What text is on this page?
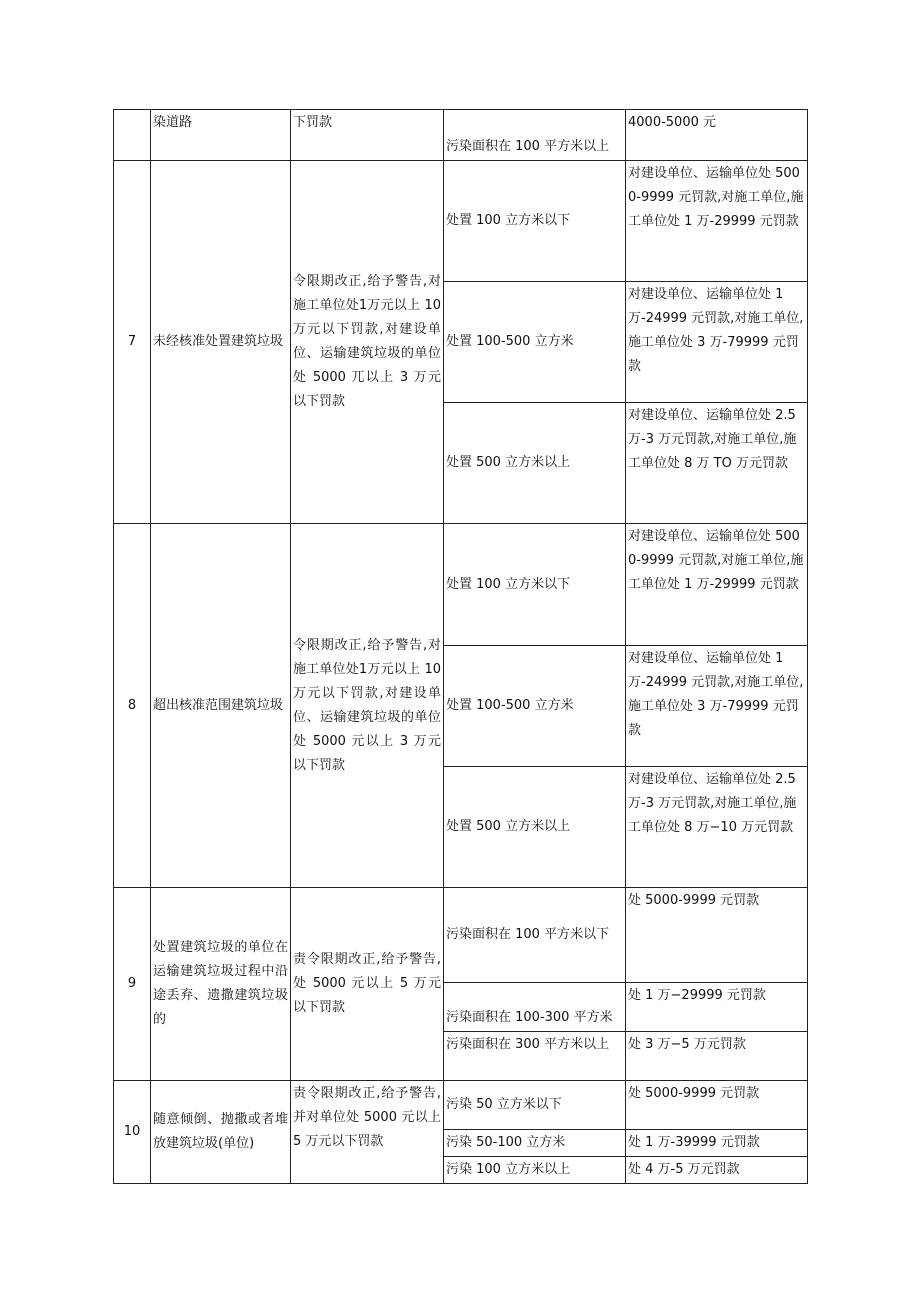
	染道路	下罚款	污染面积在 100 平方米以上	4000-5000 元
7	未经核准处置建筑垃圾	令限期改正,给予警告,对施工单位处1万元以上 10 万元以下罚款,对建设单位、运输建筑垃圾的单位处 5000 兀以上 3 万元以下罚款	处置 100 立方米以下	对建设单位、运输单位处 5000-9999 元罚款,对施工单位,施工单位处 1 万-29999 元罚款
			处置 100-500 立方米	对建设单位、运输单位处 1 万-24999 元罚款,对施工单位,施工单位处 3 万-79999 元罚款
			处置 500 立方米以上	对建设单位、运输单位处 2.5 万-3 万元罚款,对施工单位,施工单位处 8 万 TO 万元罚款
8	超出核准范围建筑垃圾	令限期改正,给予警告,对施工单位处1万元以上 10 万元以下罚款,对建设单位、运输建筑垃圾的单位处 5000 元以上 3 万元以下罚款	处置 100 立方米以下	对建设单位、运输单位处 5000-9999 元罚款,对施工单位,施工单位处 1 万-29999 元罚款
			处置 100-500 立方米	对建设单位、运输单位处 1 万-24999 元罚款,对施工单位,施工单位处 3 万-79999 元罚款
			处置 500 立方米以上	对建设单位、运输单位处 2.5 万-3 万元罚款,对施工单位,施工单位处 8 万−10 万元罚款
9	处置建筑垃圾的单位在运输建筑垃圾过程中沿途丢弃、遗撒建筑垃圾的	责令限期改正,给予警告,处 5000 元以上 5 万元以下罚款	污染面积在 100 平方米以下	处 5000-9999 元罚款
			污染面积在 100-300 平方米	处 1 万−29999 元罚款
			污染面积在 300 平方米以上	处 3 万−5 万元罚款
10	随意倾倒、抛撒或者堆放建筑垃圾(单位)	责令限期改正,给予警告,并对单位处 5000 元以上 5 万元以下罚款	污染 50 立方米以下	处 5000-9999 元罚款
			污染 50-100 立方米	处 1 万-39999 元罚款
			污染 100 立方米以上	处 4 万-5 万元罚款
